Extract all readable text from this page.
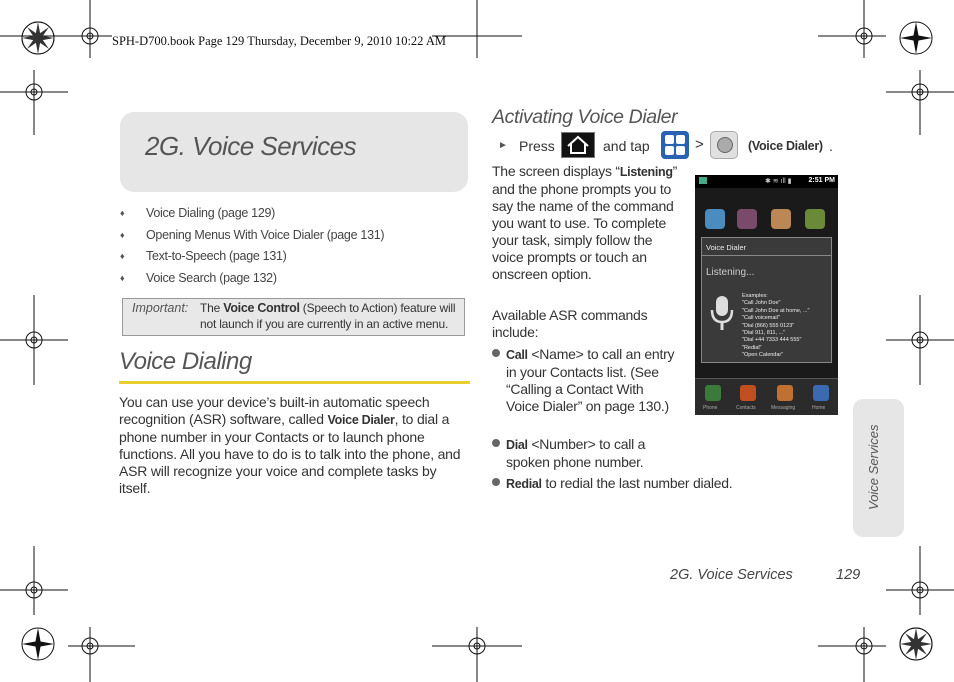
SPH-D700.book Page 129 Thursday, December 9, 2010 10:22 AM
2G. Voice Services
♦ Voice Dialing (page 129)
♦ Opening Menus With Voice Dialer (page 131)
♦ Text-to-Speech (page 131)
♦ Voice Search (page 132)
Important: The Voice Control (Speech to Action) feature will not launch if you are currently in an active menu.
Voice Dialing
You can use your device’s built-in automatic speech recognition (ASR) software, called Voice Dialer, to dial a phone number in your Contacts or to launch phone functions. All you have to do is to talk into the phone, and ASR will recognize your voice and complete tasks by itself.
Activating Voice Dialer
► Press	and tap	>	(Voice Dialer) .
The screen displays “Listening” and the phone prompts you to say the name of the command you want to use. To complete your task, simply follow the voice prompts or touch an onscreen option.
Available ASR commands include:
Call <Name> to call an entry in your Contacts list. (See “Calling a Contact With Voice Dialer” on page 130.)
Dial <Number> to call a spoken phone number.
Redial to redial the last number dialed.
✱ ≋ ıll ▮ 2:51 PM
Voice Dialer
Listening...
Examples:
"Call John Doe"
"Call John Doe at home, ..."
"Call voicemail"
"Dial (866) 555 0123"
"Dial 911, 811, ..."
"Dial +44 7333 444 555"
"Redial"
"Open Calendar"
Phone	Contacts	Messaging	Home
Voice Services
2G. Voice Services	129
